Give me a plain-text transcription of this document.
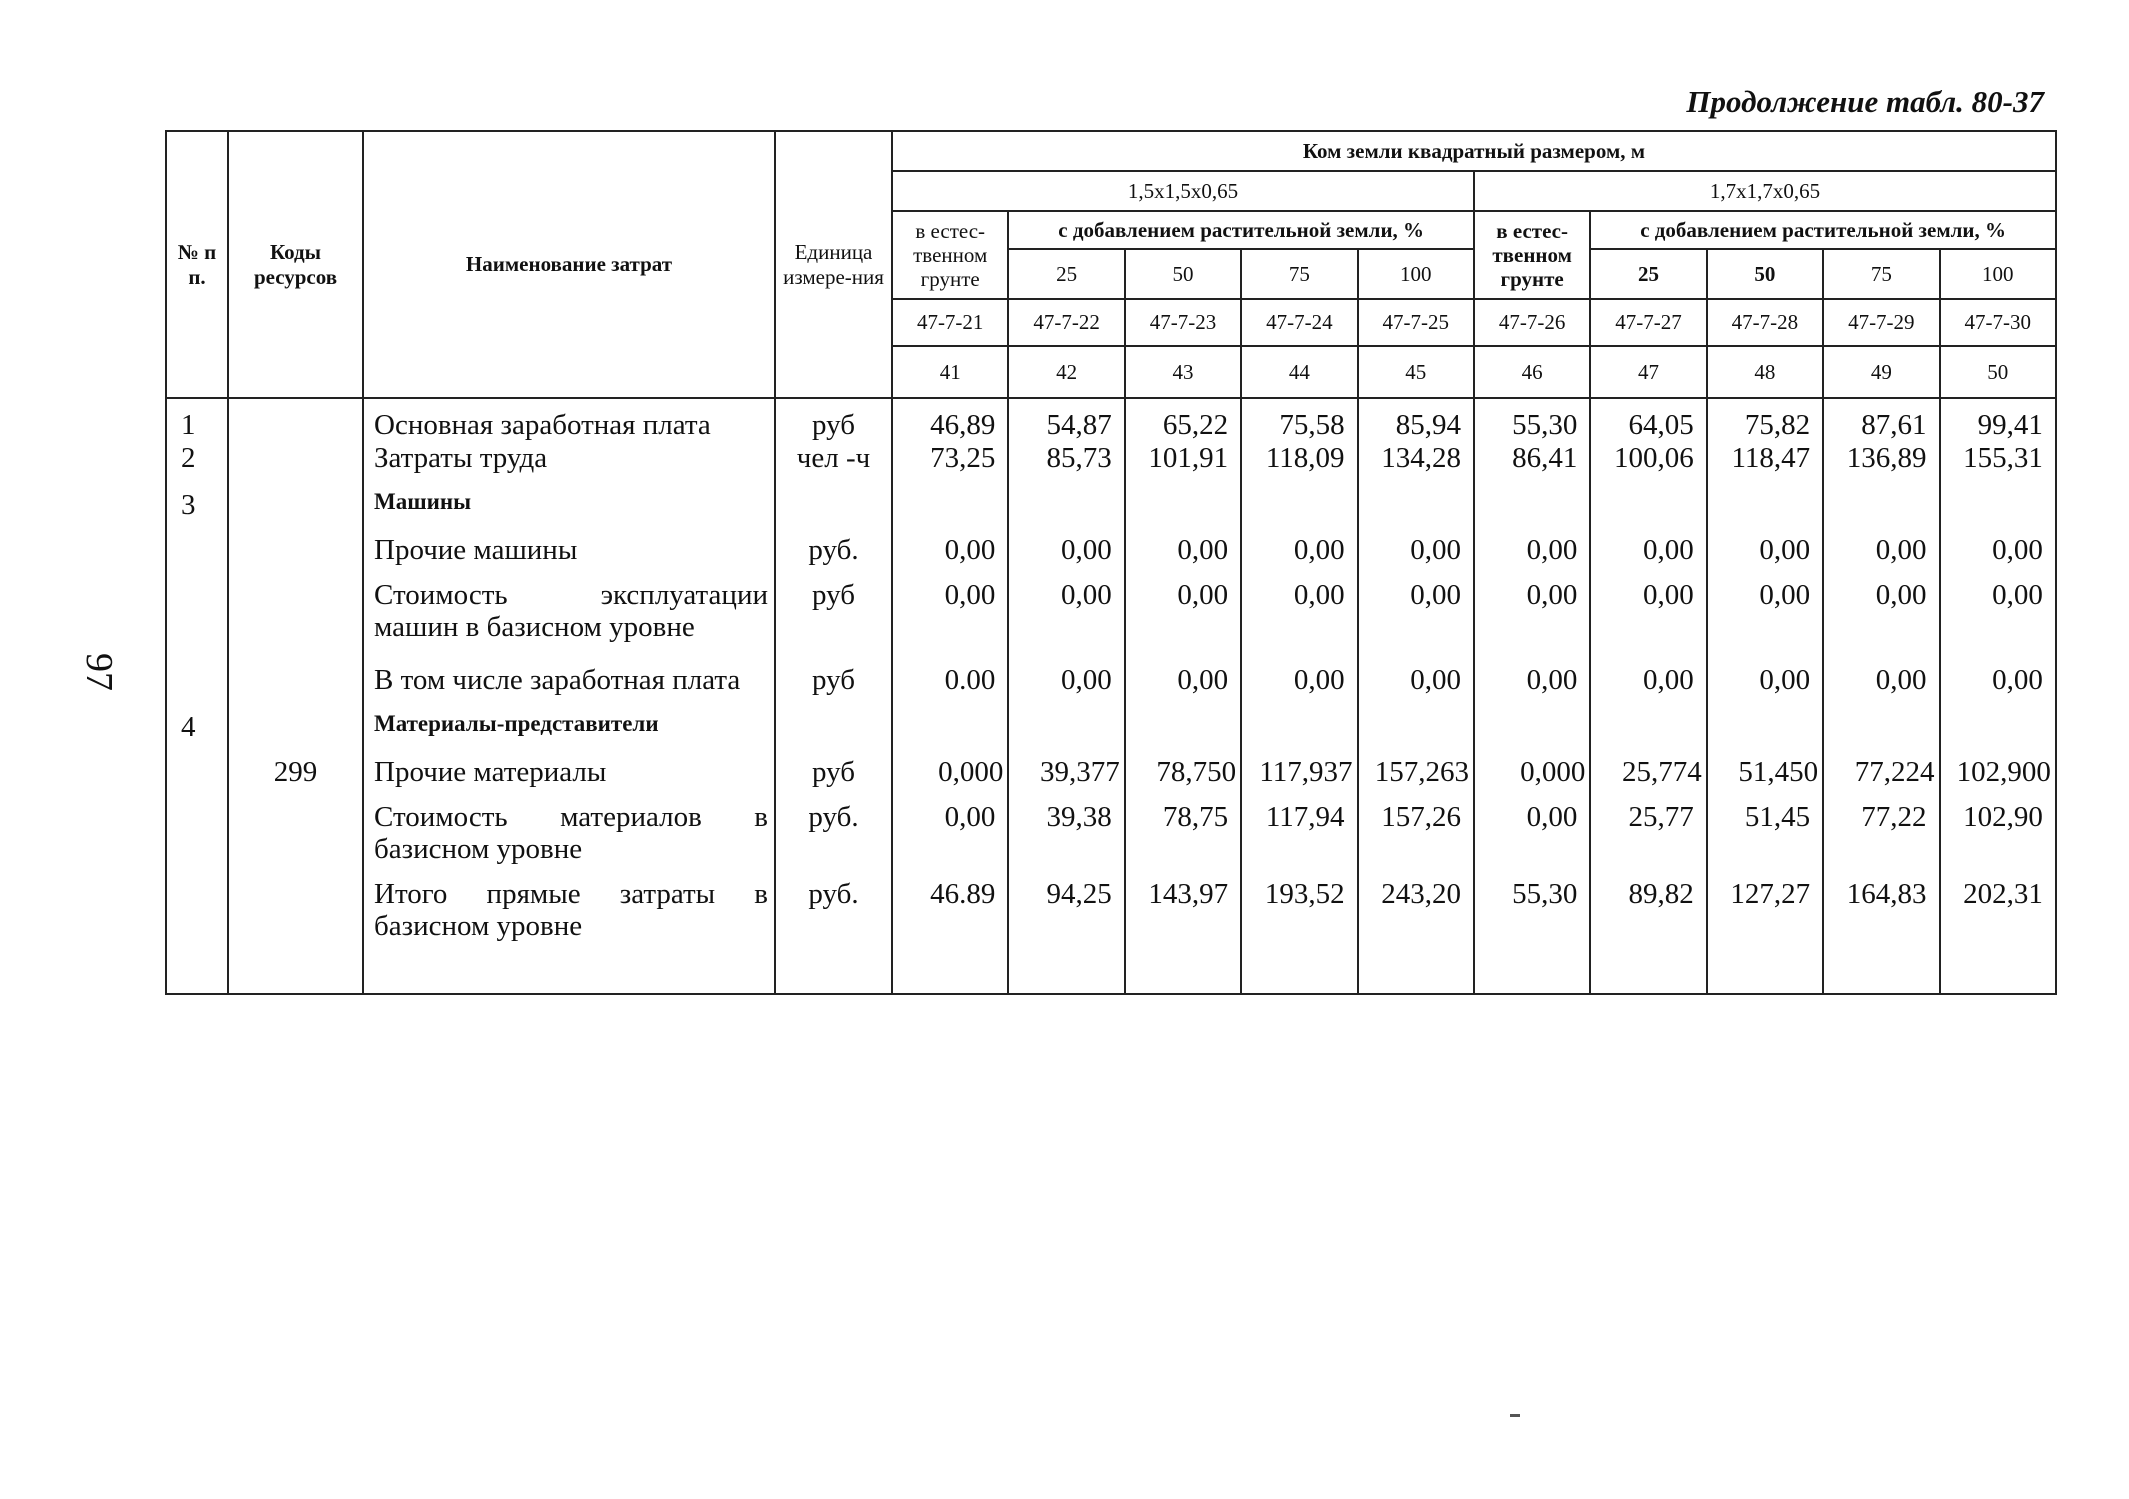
Продолжение табл. 80-37
97
№ п п.	Коды ресурсов	Наименование затрат	Единица измере-ния	Ком земли квадратный размером, м									
				1,5х1,5х0,65					1,7х1,7х0,65				
				в естес-твенном грунте	с добавлением растительной земли, %				в естес-твенном грунте	с добавлением растительной земли, %			
					25	50	75	100		25	50	75	100
				47-7-21	47-7-22	47-7-23	47-7-24	47-7-25	47-7-26	47-7-27	47-7-28	47-7-29	47-7-30
				41	42	43	44	45	46	47	48	49	50
1		Основная заработная плата	руб	46,89	54,87	65,22	75,58	85,94	55,30	64,05	75,82	87,61	99,41
2		Затраты труда	чел -ч	73,25	85,73	101,91	118,09	134,28	86,41	100,06	118,47	136,89	155,31
3		Машины											
		Прочие машины	руб.	0,00	0,00	0,00	0,00	0,00	0,00	0,00	0,00	0,00	0,00
		Стоимость эксплуатации машин в базисном уровне	руб	0,00	0,00	0,00	0,00	0,00	0,00	0,00	0,00	0,00	0,00
		В том числе заработная плата	руб	0.00	0,00	0,00	0,00	0,00	0,00	0,00	0,00	0,00	0,00
4		Материалы-представители											
	299	Прочие материалы	руб	0,000	39,377	78,750	117,937	157,263	0,000	25,774	51,450	77,224	102,900
		Стоимость материалов в базисном уровне	руб.	0,00	39,38	78,75	117,94	157,26	0,00	25,77	51,45	77,22	102,90
		Итого прямые затраты в базисном уровне	руб.	46.89	94,25	143,97	193,52	243,20	55,30	89,82	127,27	164,83	202,31
